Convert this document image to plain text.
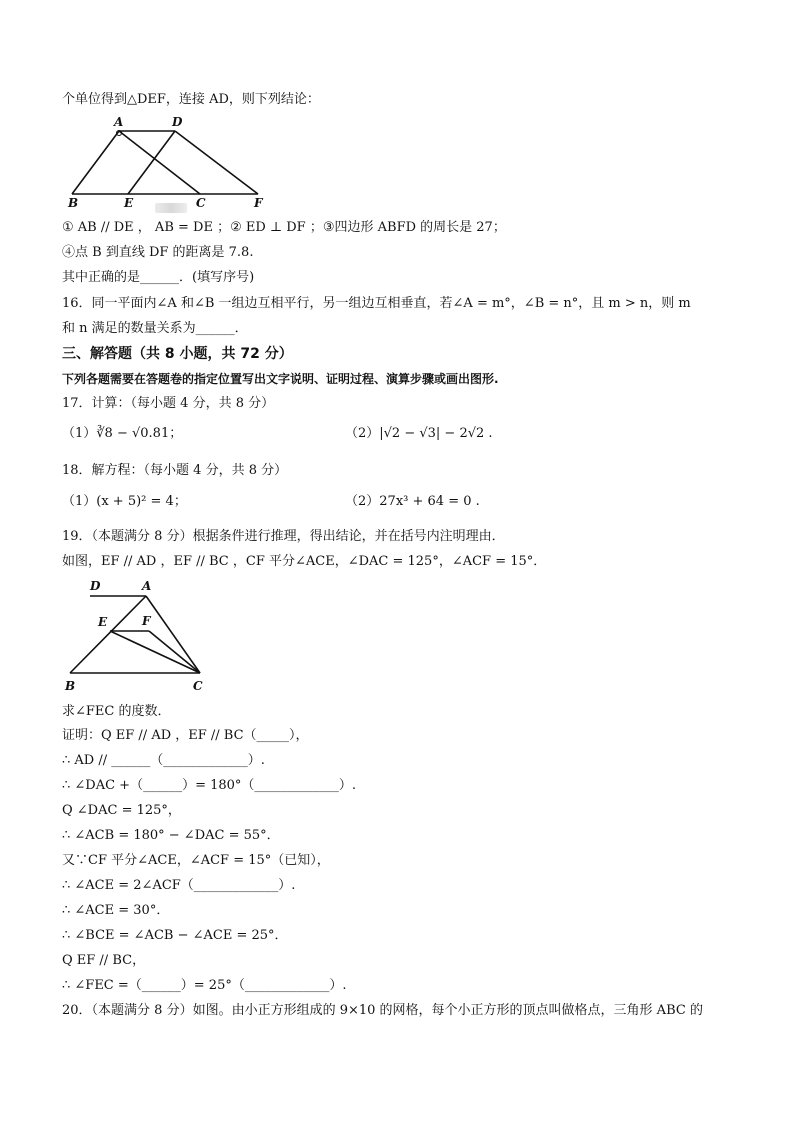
个单位得到△DEF，连接 AD，则下列结论：
A	D
B	E	C	F
① AB // DE ， AB = DE ；② ED ⊥ DF ；③四边形 ABFD 的周长是 27；
④点 B 到直线 DF 的距离是 7.8.
其中正确的是______．(填写序号)
16．同一平面内∠A 和∠B 一组边互相平行，另一组边互相垂直，若∠A = m°，∠B = n°，且 m > n，则 m
和 n 满足的数量关系为______．
三、解答题（共 8 小题，共 72 分）
下列各题需要在答题卷的指定位置写出文字说明、证明过程、演算步骤或画出图形.
17．计算：（每小题 4 分，共 8 分）
（1）∛8 − √0.81；	（2）|√2 − √3| − 2√2 .
18．解方程：（每小题 4 分，共 8 分）
（1）(x + 5)² = 4；	（2）27x³ + 64 = 0 .
19．（本题满分 8 分）根据条件进行推理，得出结论，并在括号内注明理由．
如图，EF // AD ，EF // BC ，CF 平分∠ACE，∠DAC = 125°，∠ACF = 15°．
D	A
E	F
B	C
求∠FEC 的度数．
证明：Q EF // AD ，EF // BC（_____），
∴ AD // ______（_____________）.
∴ ∠DAC +（______）= 180°（_____________）.
Q ∠DAC = 125°，
∴ ∠ACB = 180° − ∠DAC = 55°．
又∵CF 平分∠ACE，∠ACF = 15°（已知），
∴ ∠ACE = 2∠ACF（_____________）.
∴ ∠ACE = 30°．
∴ ∠BCE = ∠ACB − ∠ACE = 25°．
Q EF // BC，
∴ ∠FEC =（______）= 25°（_____________）.
20．（本题满分 8 分）如图。由小正方形组成的 9×10 的网格，每个小正方形的顶点叫做格点，三角形 ABC 的
